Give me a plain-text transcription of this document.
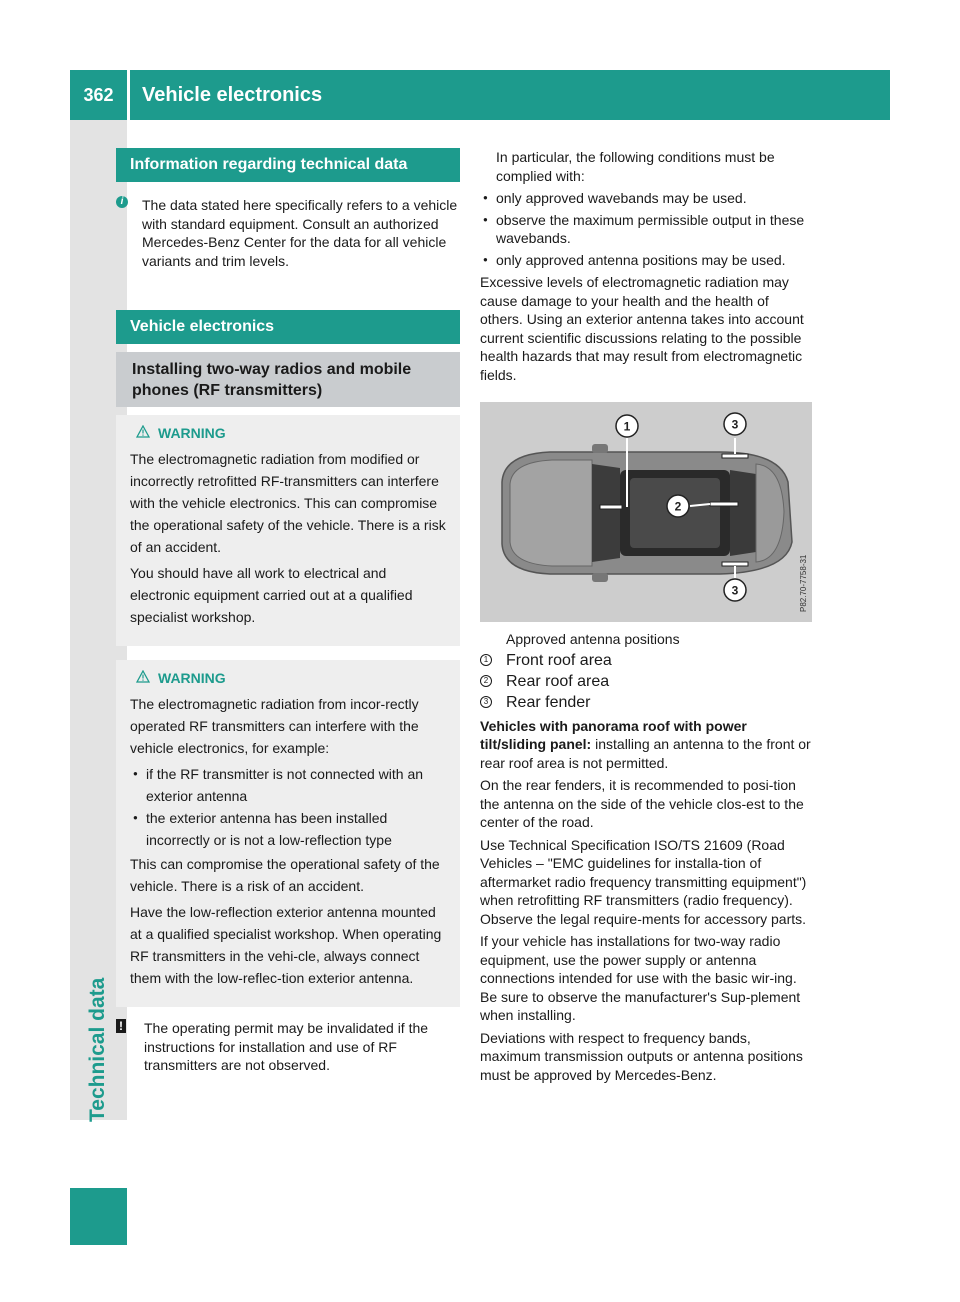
362	Vehicle electronics
Technical data
Information regarding technical data
i	The data stated here specifically refers to a vehicle with standard equipment. Consult an authorized Mercedes-Benz Center for the data for all vehicle variants and trim levels.

Vehicle electronics
Installing two-way radios and mobile phones (RF transmitters)
WARNING

The electromagnetic radiation from modified or incorrectly retrofitted RF-transmitters can interfere with the vehicle electronics. This can compromise the operational safety of the vehicle. There is a risk of an accident.

You should have all work to electrical and electronic equipment carried out at a qualified specialist workshop.

WARNING

The electromagnetic radiation from incor-rectly operated RF transmitters can interfere with the vehicle electronics, for example:

● if the RF transmitter is not connected with an exterior antenna
● the exterior antenna has been installed incorrectly or is not a low-reflection type

This can compromise the operational safety of the vehicle. There is a risk of an accident.

Have the low-reflection exterior antenna mounted at a qualified specialist workshop. When operating RF transmitters in the vehi-cle, always connect them with the low-reflec-tion exterior antenna.

!	The operating permit may be invalidated if the instructions for installation and use of RF transmitters are not observed.

In particular, the following conditions must be complied with:

● only approved wavebands may be used.
● observe the maximum permissible output in these wavebands.
● only approved antenna positions may be used.

Excessive levels of electromagnetic radiation may cause damage to your health and the health of others. Using an exterior antenna takes into account current scientific discussions relating to the possible health hazards that may result from electromagnetic fields.

1
2
3
3	P82.70-7758-31

Approved antenna positions

1 Front roof area
2 Rear roof area
3 Rear fender

Vehicles with panorama roof with power tilt/sliding panel: installing an antenna to the front or rear roof area is not permitted.

On the rear fenders, it is recommended to posi-tion the antenna on the side of the vehicle clos-est to the center of the road.

Use Technical Specification ISO/TS 21609 (Road Vehicles – "EMC guidelines for installa-tion of aftermarket radio frequency transmitting equipment") when retrofitting RF transmitters (radio frequency). Observe the legal require-ments for accessory parts.

If your vehicle has installations for two-way radio equipment, use the power supply or antenna connections intended for use with the basic wir-ing. Be sure to observe the manufacturer's Sup-plement when installing.

Deviations with respect to frequency bands, maximum transmission outputs or antenna positions must be approved by Mercedes-Benz.
